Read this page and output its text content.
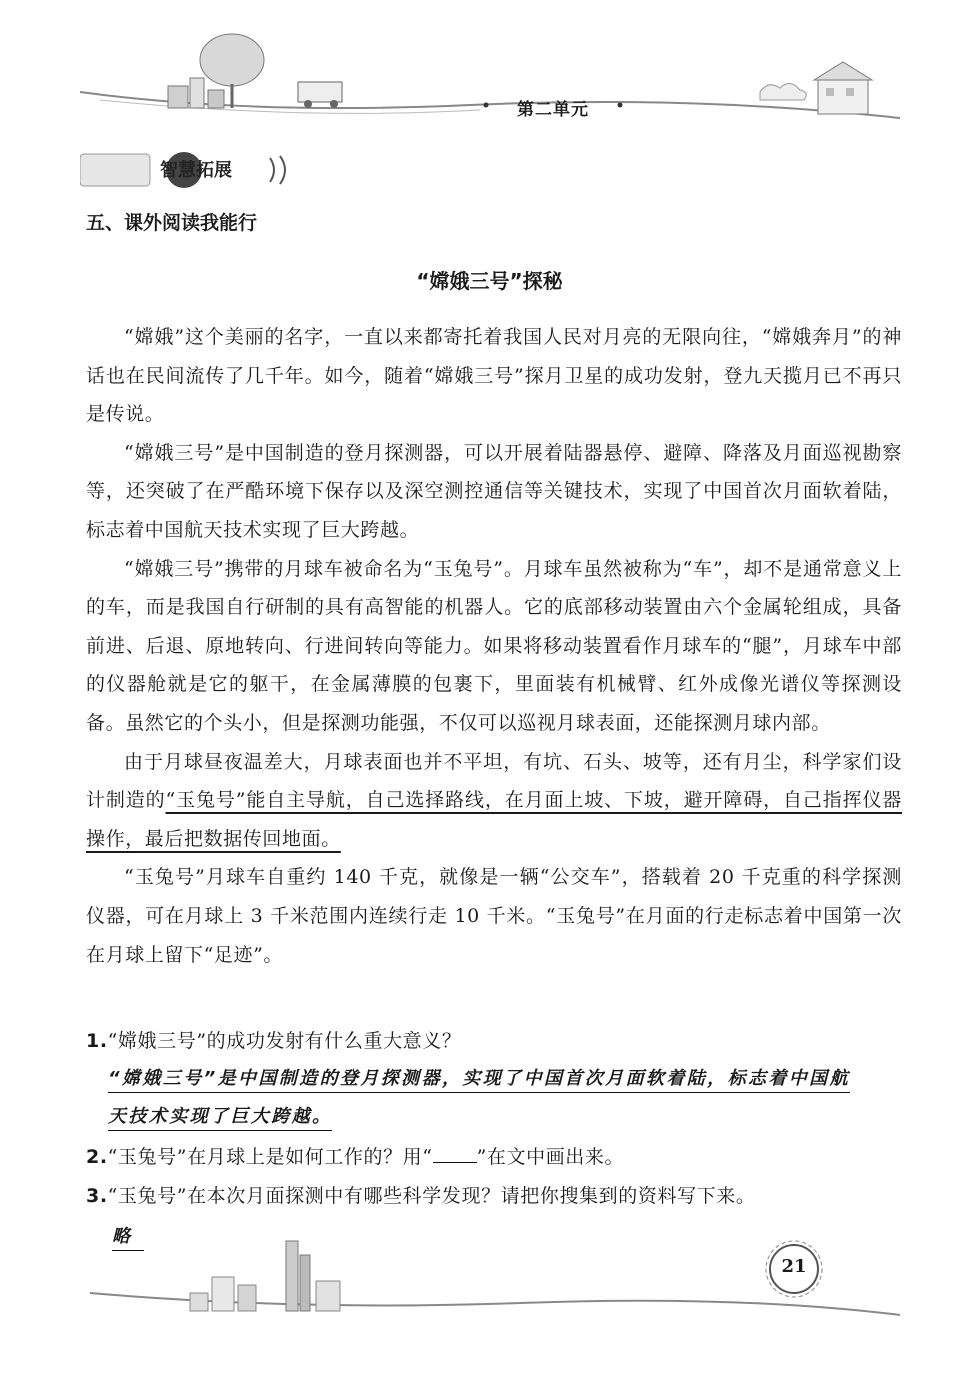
第二单元
智慧拓展
五、课外阅读我能行
“嫦娥三号”探秘

“嫦娥”这个美丽的名字，一直以来都寄托着我国人民对月亮的无限向往，“嫦娥奔月”的神话也在民间流传了几千年。如今，随着“嫦娥三号”探月卫星的成功发射，登九天揽月已不再只是传说。

“嫦娥三号”是中国制造的登月探测器，可以开展着陆器悬停、避障、降落及月面巡视勘察等，还突破了在严酷环境下保存以及深空测控通信等关键技术，实现了中国首次月面软着陆，标志着中国航天技术实现了巨大跨越。

“嫦娥三号”携带的月球车被命名为“玉兔号”。月球车虽然被称为“车”，却不是通常意义上的车，而是我国自行研制的具有高智能的机器人。它的底部移动装置由六个金属轮组成，具备前进、后退、原地转向、行进间转向等能力。如果将移动装置看作月球车的“腿”，月球车中部的仪器舱就是它的躯干，在金属薄膜的包裹下，里面装有机械臂、红外成像光谱仪等探测设备。虽然它的个头小，但是探测功能强，不仅可以巡视月球表面，还能探测月球内部。

由于月球昼夜温差大，月球表面也并不平坦，有坑、石头、坡等，还有月尘，科学家们设计制造的“玉兔号”能自主导航，自己选择路线，在月面上坡、下坡，避开障碍，自己指挥仪器操作，最后把数据传回地面。

“玉兔号”月球车自重约 140 千克，就像是一辆“公交车”，搭载着 20 千克重的科学探测仪器，可在月球上 3 千米范围内连续行走 10 千米。“玉兔号”在月面的行走标志着中国第一次在月球上留下“足迹”。

1.“嫦娥三号”的成功发射有什么重大意义？
“嫦娥三号”是中国制造的登月探测器，实现了中国首次月面软着陆，标志着中国航
天技术实现了巨大跨越。
2.“玉兔号”在月球上是如何工作的？用“ ”在文中画出来。
3.“玉兔号”在本次月面探测中有哪些科学发现？请把你搜集到的资料写下来。
略
21
